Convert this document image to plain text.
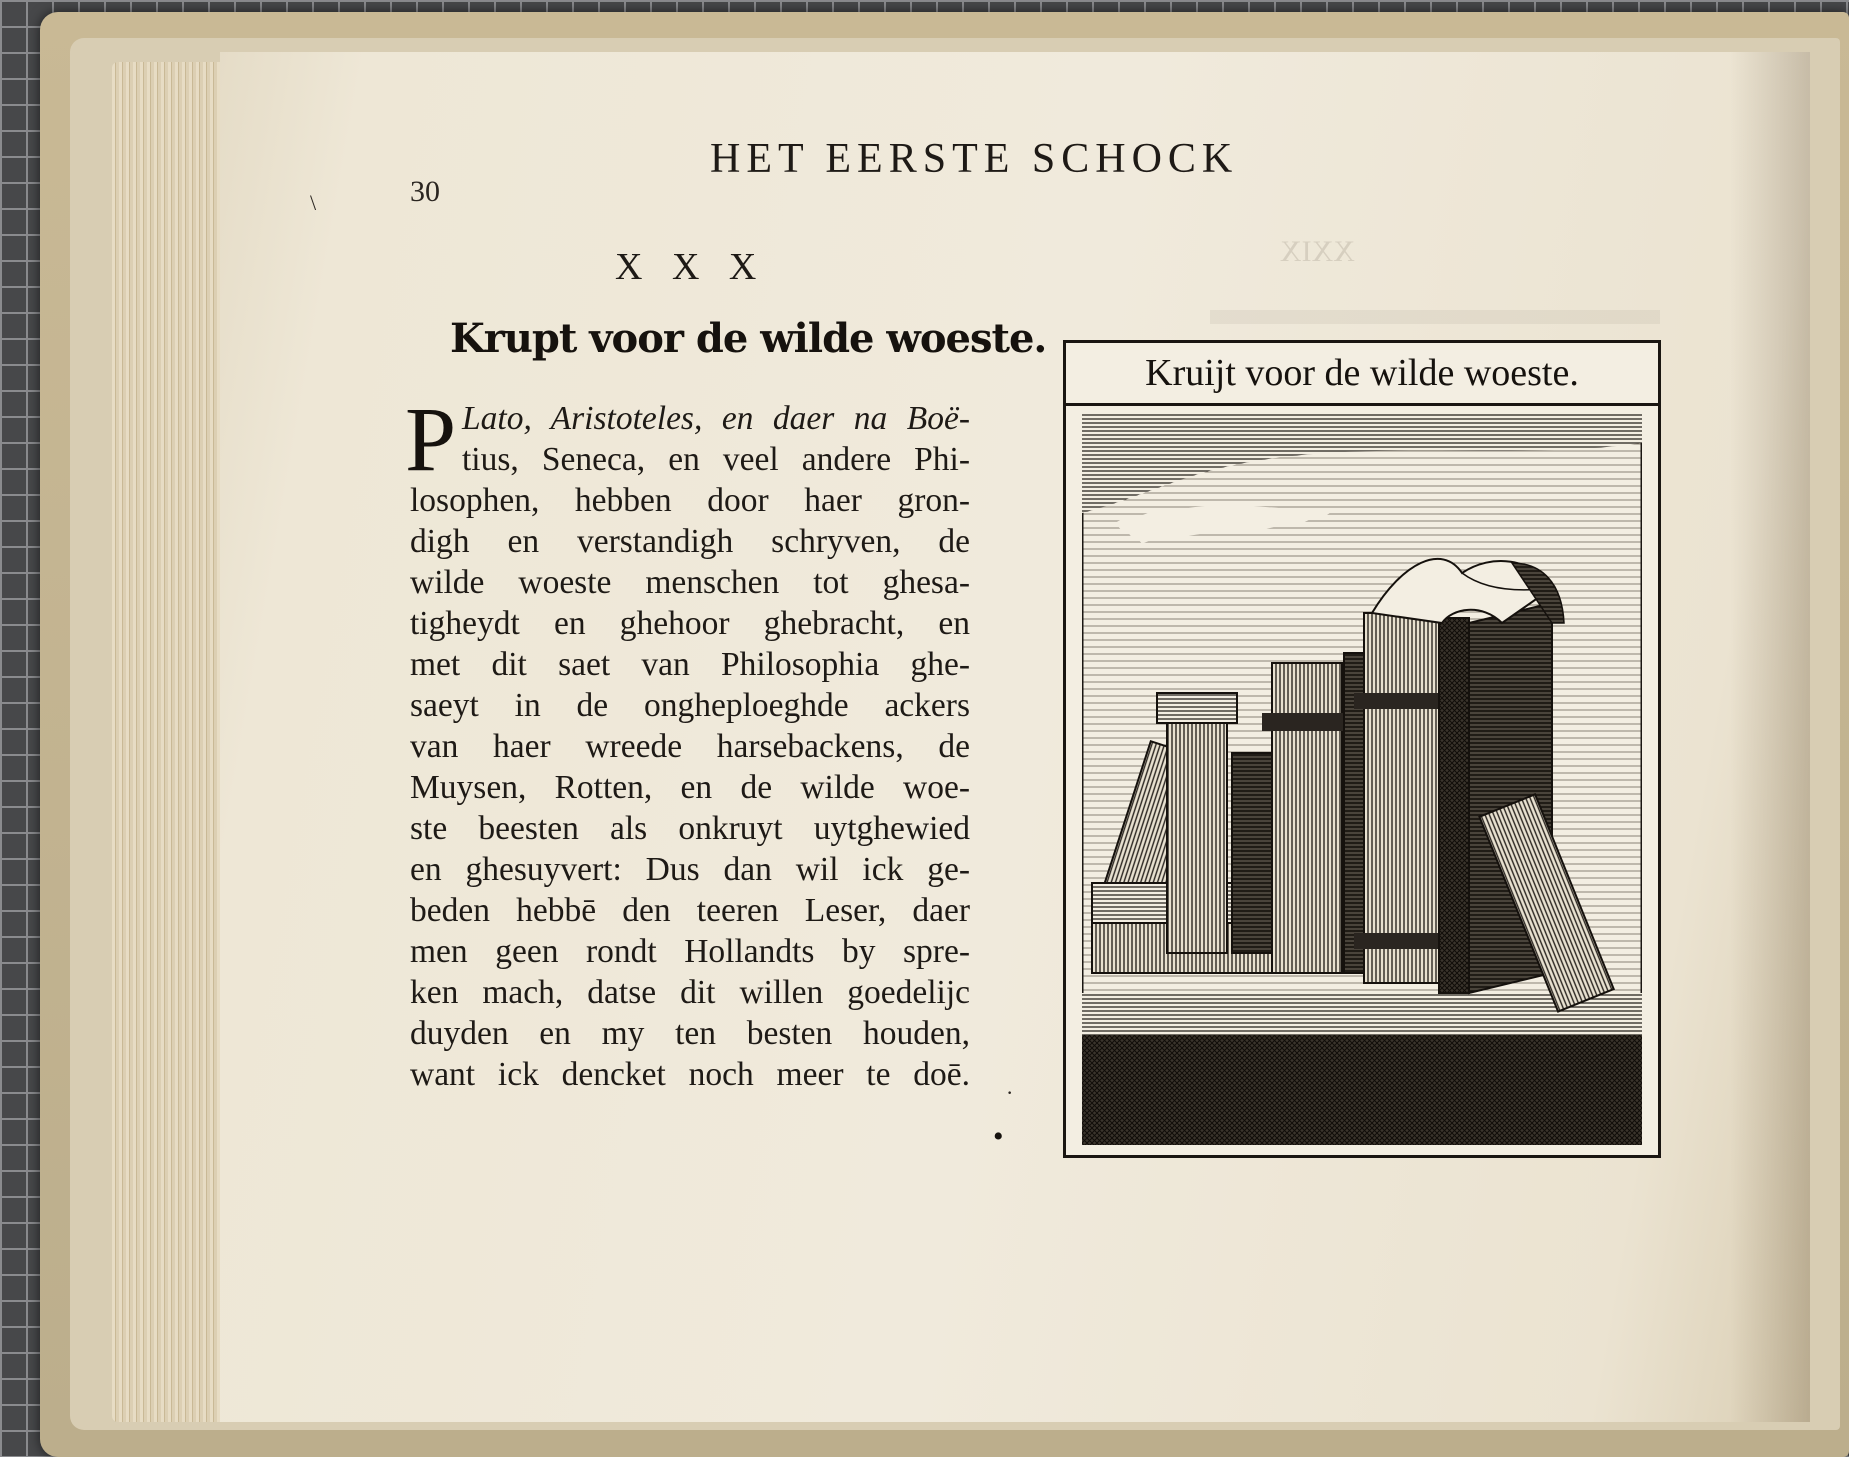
XXIX
30
HET EERSTE SCHOCK
X X X
Krupt voor de wilde woeste.
P Lato, Aristoteles, en daer na Boë-
tius, Seneca, en veel andere Phi-
losophen, hebben door haer gron-
digh en verstandigh schryven, de
wilde woeste menschen tot ghesa-
tigheydt en ghehoor ghebracht, en
met dit saet van Philosophia ghe-
saeyt in de ongheploeghde ackers
van haer wreede harsebackens, de
Muysen, Rotten, en de wilde woe-
ste beesten als onkruyt uytghewied
en ghesuyvert: Dus dan wil ick ge-
beden hebbē den teeren Leser, daer
men geen rondt Hollandts by spre-
ken mach, datse dit willen goedelijc
duyden en my ten besten houden,
want ick dencket noch meer te doē.
•
\
·
Kruijt voor de wilde woeste.
